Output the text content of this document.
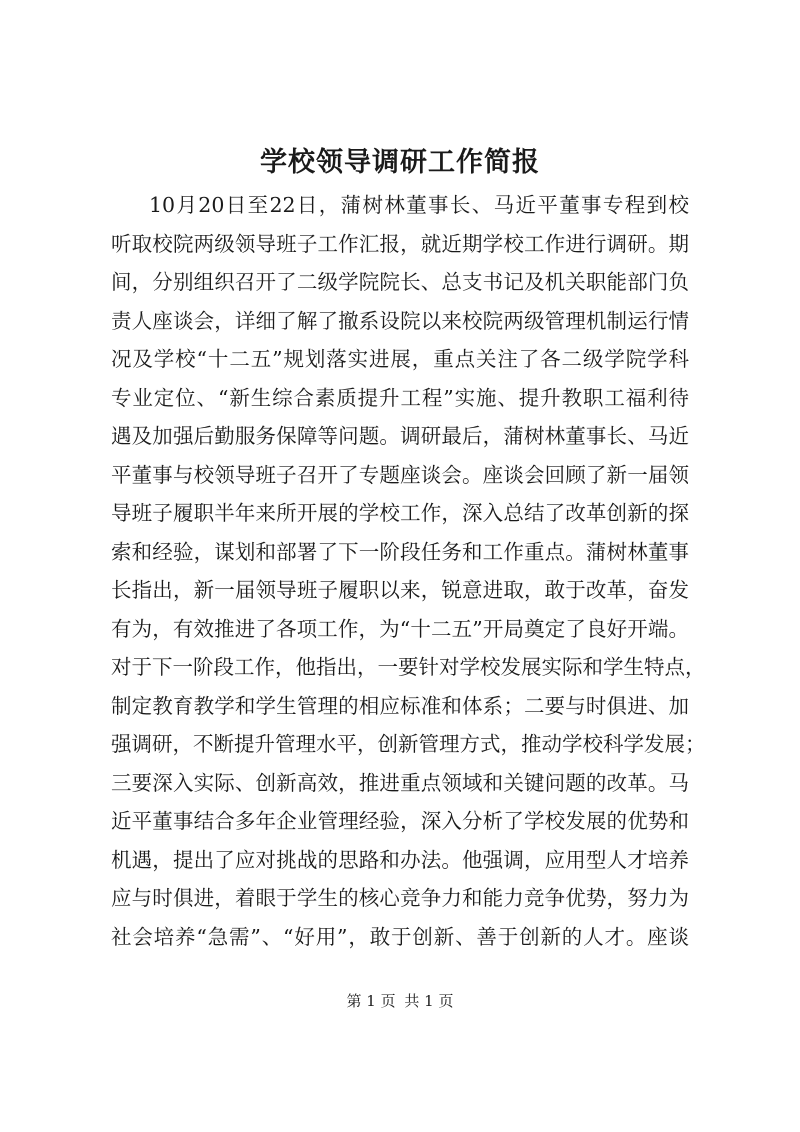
学校领导调研工作简报
10月20日至22日，蒲树林董事长、马近平董事专程到校
听取校院两级领导班子工作汇报，就近期学校工作进行调研。期
间，分别组织召开了二级学院院长、总支书记及机关职能部门负
责人座谈会，详细了解了撤系设院以来校院两级管理机制运行情
况及学校“十二五”规划落实进展，重点关注了各二级学院学科
专业定位、“新生综合素质提升工程”实施、提升教职工福利待
遇及加强后勤服务保障等问题。调研最后，蒲树林董事长、马近
平董事与校领导班子召开了专题座谈会。座谈会回顾了新一届领
导班子履职半年来所开展的学校工作，深入总结了改革创新的探
索和经验，谋划和部署了下一阶段任务和工作重点。蒲树林董事
长指出，新一届领导班子履职以来，锐意进取，敢于改革，奋发
有为，有效推进了各项工作，为“十二五”开局奠定了良好开端。
对于下一阶段工作，他指出，一要针对学校发展实际和学生特点，
制定教育教学和学生管理的相应标准和体系；二要与时俱进、加
强调研，不断提升管理水平，创新管理方式，推动学校科学发展；
三要深入实际、创新高效，推进重点领域和关键问题的改革。马
近平董事结合多年企业管理经验，深入分析了学校发展的优势和
机遇，提出了应对挑战的思路和办法。他强调，应用型人才培养
应与时俱进，着眼于学生的核心竞争力和能力竞争优势，努力为
社会培养“急需”、“好用”，敢于创新、善于创新的人才。座谈
第 1 页 共 1 页
